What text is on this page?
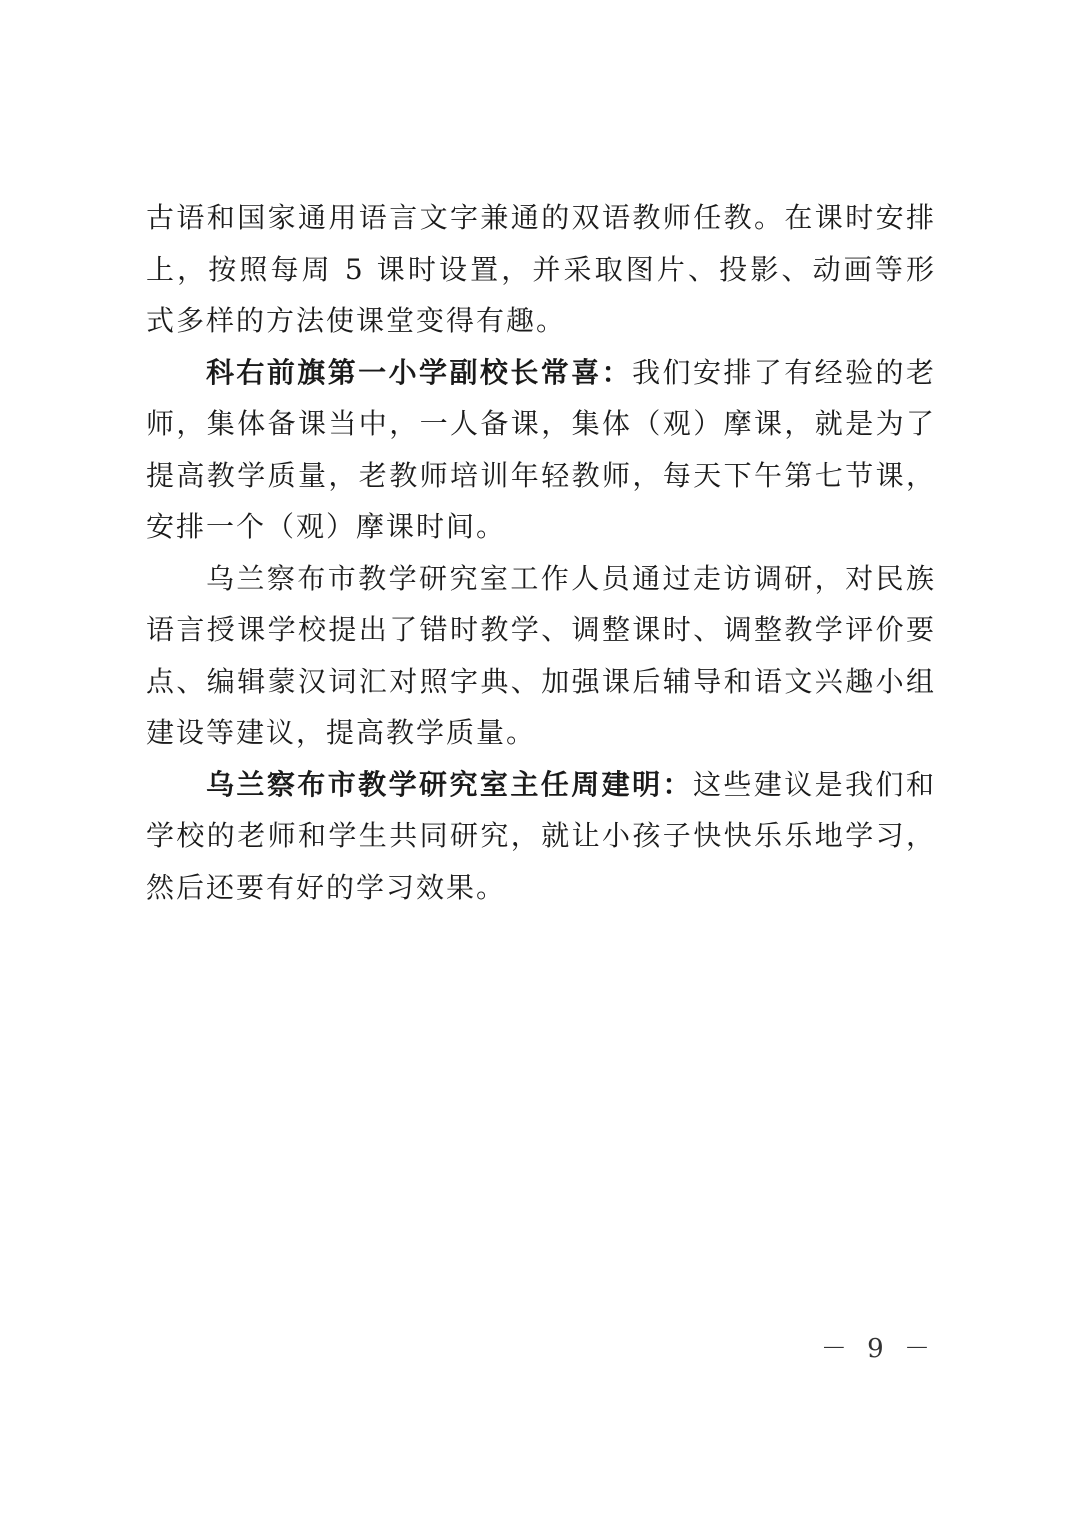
古语和国家通用语言文字兼通的双语教师任教。在课时安排上，按照每周 5 课时设置，并采取图片、投影、动画等形式多样的方法使课堂变得有趣。

科右前旗第一小学副校长常喜：我们安排了有经验的老师，集体备课当中，一人备课，集体（观）摩课，就是为了提高教学质量，老教师培训年轻教师，每天下午第七节课，安排一个（观）摩课时间。

乌兰察布市教学研究室工作人员通过走访调研，对民族语言授课学校提出了错时教学、调整课时、调整教学评价要点、编辑蒙汉词汇对照字典、加强课后辅导和语文兴趣小组建设等建议，提高教学质量。

乌兰察布市教学研究室主任周建明：这些建议是我们和学校的老师和学生共同研究，就让小孩子快快乐乐地学习，然后还要有好的学习效果。

－ 9 －
